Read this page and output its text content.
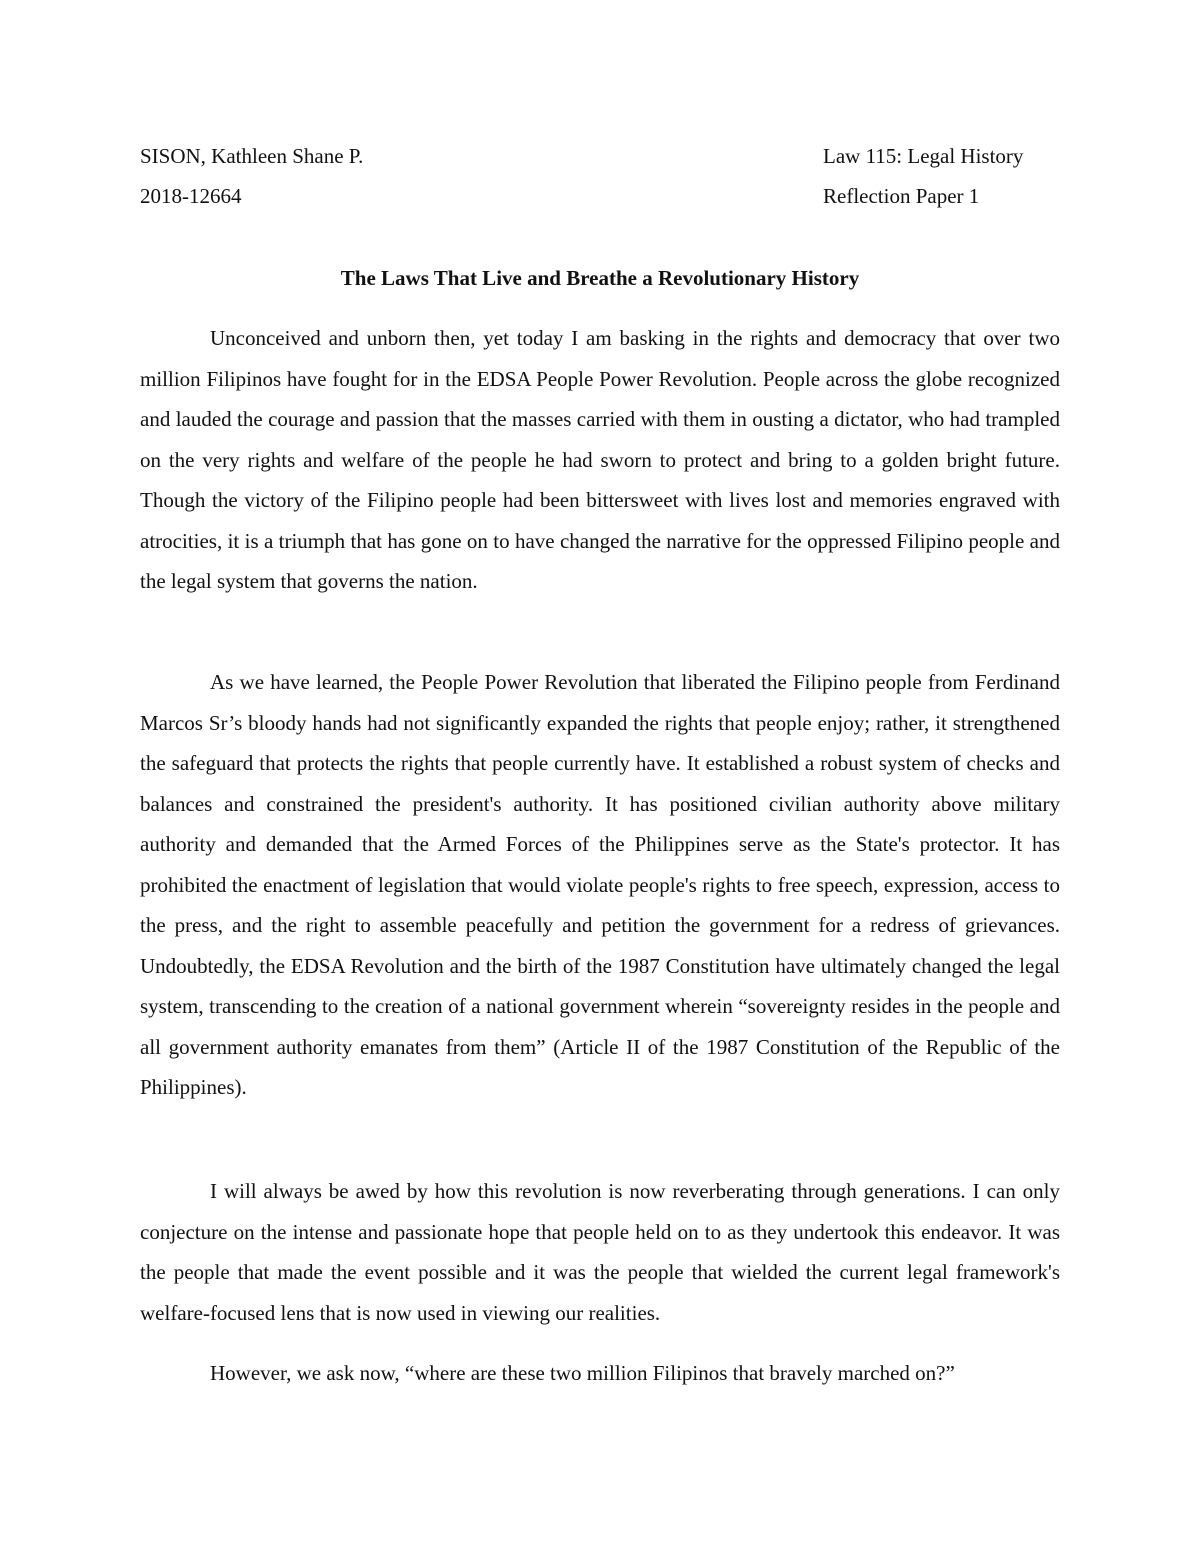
SISON, Kathleen Shane P.	Law 115: Legal History
2018-12664	Reflection Paper 1
The Laws That Live and Breathe a Revolutionary History

Unconceived and unborn then, yet today I am basking in the rights and democracy that over two million Filipinos have fought for in the EDSA People Power Revolution. People across the globe recognized and lauded the courage and passion that the masses carried with them in ousting a dictator, who had trampled on the very rights and welfare of the people he had sworn to protect and bring to a golden bright future. Though the victory of the Filipino people had been bittersweet with lives lost and memories engraved with atrocities, it is a triumph that has gone on to have changed the narrative for the oppressed Filipino people and the legal system that governs the nation.

As we have learned, the People Power Revolution that liberated the Filipino people from Ferdinand Marcos Sr’s bloody hands had not significantly expanded the rights that people enjoy; rather, it strengthened the safeguard that protects the rights that people currently have. It established a robust system of checks and balances and constrained the president's authority. It has positioned civilian authority above military authority and demanded that the Armed Forces of the Philippines serve as the State's protector. It has prohibited the enactment of legislation that would violate people's rights to free speech, expression, access to the press, and the right to assemble peacefully and petition the government for a redress of grievances. Undoubtedly, the EDSA Revolution and the birth of the 1987 Constitution have ultimately changed the legal system, transcending to the creation of a national government wherein “sovereignty resides in the people and all government authority emanates from them” (Article II of the 1987 Constitution of the Republic of the Philippines).

I will always be awed by how this revolution is now reverberating through generations. I can only conjecture on the intense and passionate hope that people held on to as they undertook this endeavor. It was the people that made the event possible and it was the people that wielded the current legal framework's welfare-focused lens that is now used in viewing our realities.

However, we ask now, “where are these two million Filipinos that bravely marched on?”
